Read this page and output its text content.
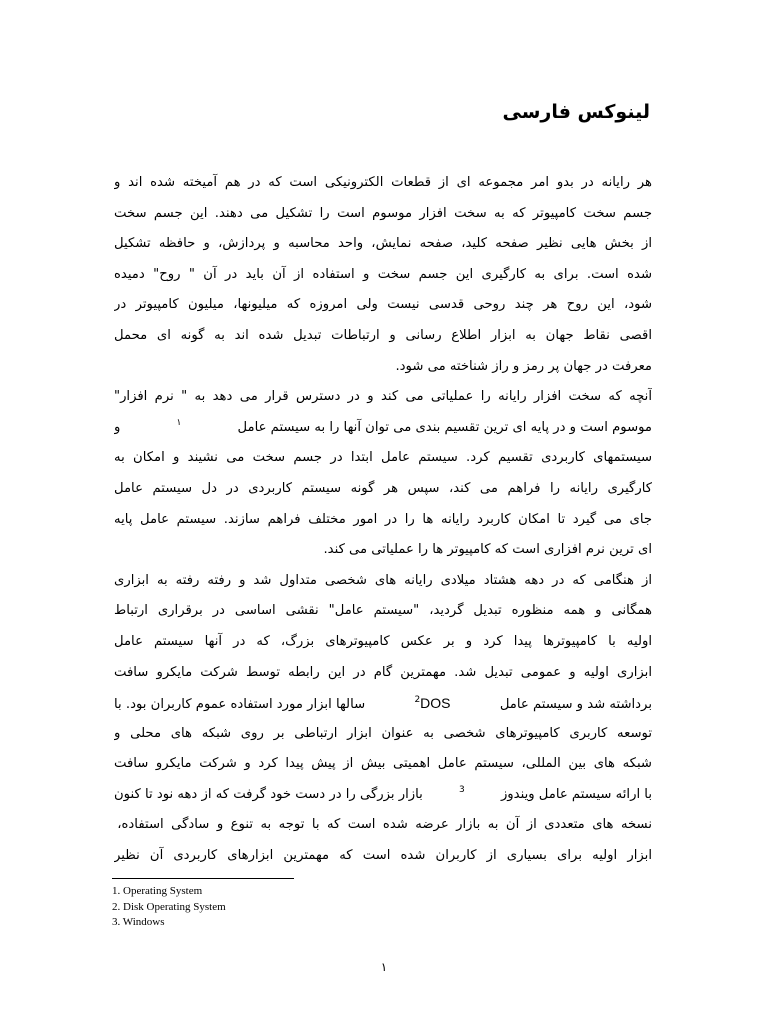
لینوکس فارسی
هر رایانه در بدو امر مجموعه ای از قطعات الکترونیکی است که در هم آمیخته شده اند و
جسم سخت کامپیوتر که به سخت افزار موسوم است را تشکیل می دهند. این جسم سخت
از بخش هایی نظیر صفحه کلید، صفحه نمایش، واحد محاسبه و پردازش، و حافظه تشکیل
شده است. برای به کارگیری این جسم سخت و استفاده از آن باید در آن " روح" دمیده
شود، این روح هر چند روحی قدسی نیست ولی امروزه که میلیونها، میلیون کامپیوتر در
اقصی نقاط جهان به ابزار اطلاع رسانی و ارتباطات تبدیل شده اند به گونه ای محمل
معرفت در جهان پر رمز و راز شناخته می شود.
آنچه که سخت افزار رایانه را عملیاتی می کند و در دسترس قرار می دهد به " نرم افزار"
موسوم است و در پایه ای ترین تقسیم بندی می توان آنها را به سیستم عامل
$^۱$
و
سیستمهای کاربردی تقسیم کرد. سیستم عامل ابتدا در جسم سخت می نشیند و امکان به
کارگیری رایانه را فراهم می کند، سپس هر گونه سیستم کاربردی در دل سیستم عامل
جای می گیرد تا امکان کاربرد رایانه ها را در امور مختلف فراهم سازند. سیستم عامل پایه
ای ترین نرم افزاری است که کامپیوتر ها را عملیاتی می کند.
از هنگامی که در دهه هشتاد میلادی رایانه های شخصی متداول شد و رفته رفته به ابزاری
همگانی و همه منظوره تبدیل گردید، "سیستم عامل" نقشی اساسی در برقراری ارتباط
اولیه با کامپیوترها پیدا کرد و بر عکس کامپیوترهای بزرگ، که در آنها سیستم عامل
ابزاری اولیه و عمومی تبدیل شد. مهمترین گام در این رابطه توسط شرکت مایکرو سافت
برداشته شد و سیستم عامل
$^2$DOS
سالها ابزار مورد استفاده عموم کاربران بود. با
توسعه کاربری کامپیوترهای شخصی به عنوان ابزار ارتباطی بر روی شبکه های محلی و
شبکه های بین المللی، سیستم عامل اهمیتی بیش از پیش پیدا کرد و شرکت مایکرو سافت
با ارائه سیستم عامل ویندوز
$^3$
بازار بزرگی را در دست خود گرفت که از دهه نود تا کنون
نسخه های متعددی از آن به بازار عرضه شده است که با توجه به تنوع و سادگی استفاده،
ابزار اولیه برای بسیاری از کاربران شده است که مهمترین ابزارهای کاربردی آن نظیر
1. Operating System
2. Disk Operating System
3. Windows
۱
